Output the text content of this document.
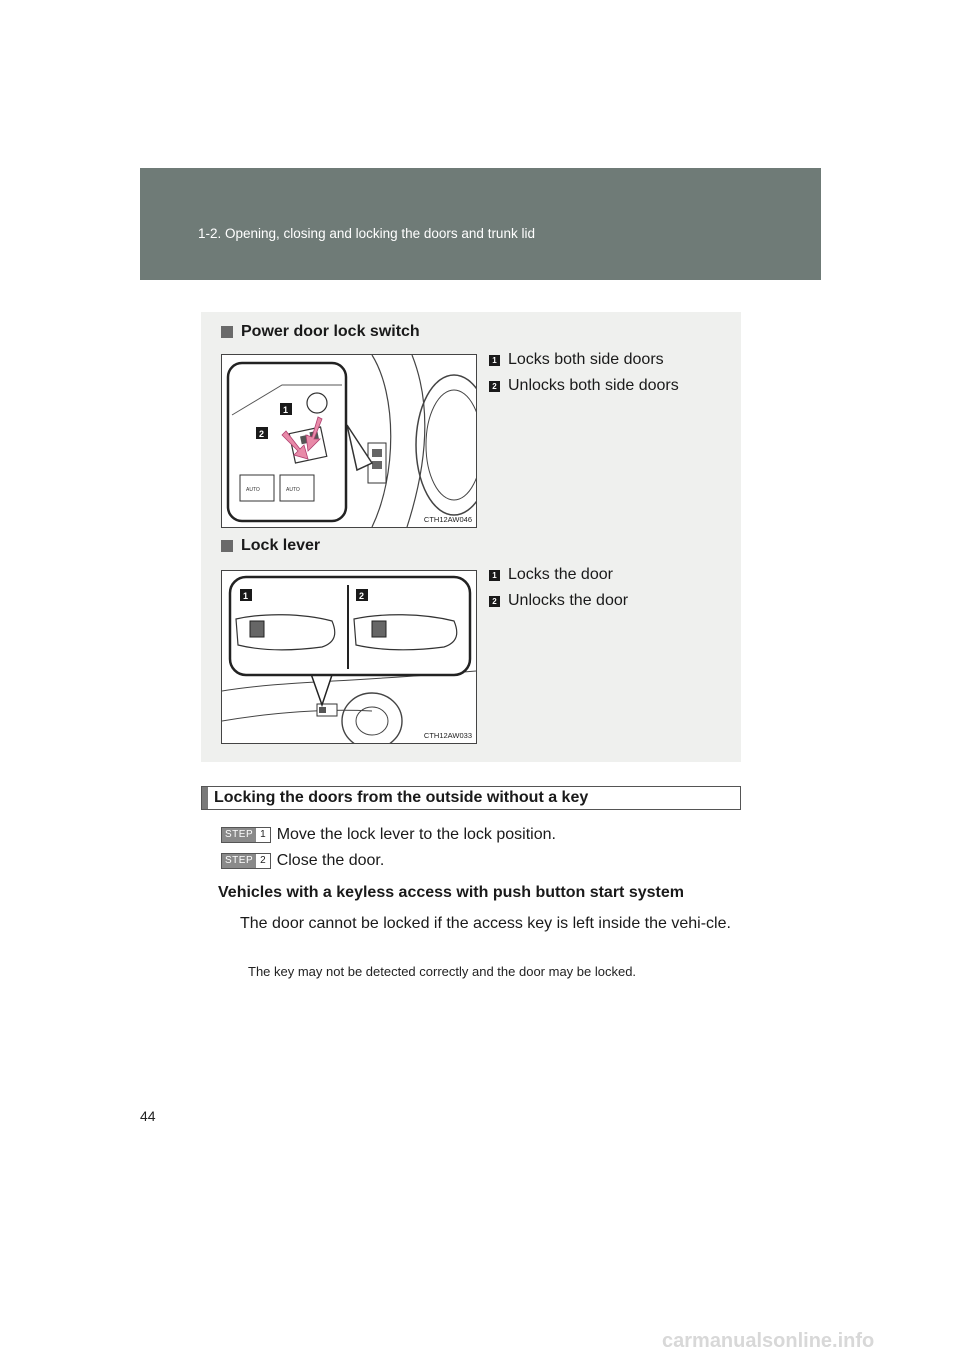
1-2. Opening, closing and locking the doors and trunk lid
Power door lock switch
AUTO	AUTO
1
2
CTH12AW046
1 Locks both side doors
2 Unlocks both side doors
Lock lever
1	2
CTH12AW033
1 Locks the door
2 Unlocks the door
Locking the doors from the outside without a key
STEP 1 Move the lock lever to the lock position.
STEP 2 Close the door.
Vehicles with a keyless access with push button start system
The door cannot be locked if the access key is left inside the vehi-cle.
The key may not be detected correctly and the door may be locked.
44
carmanualsonline.info
